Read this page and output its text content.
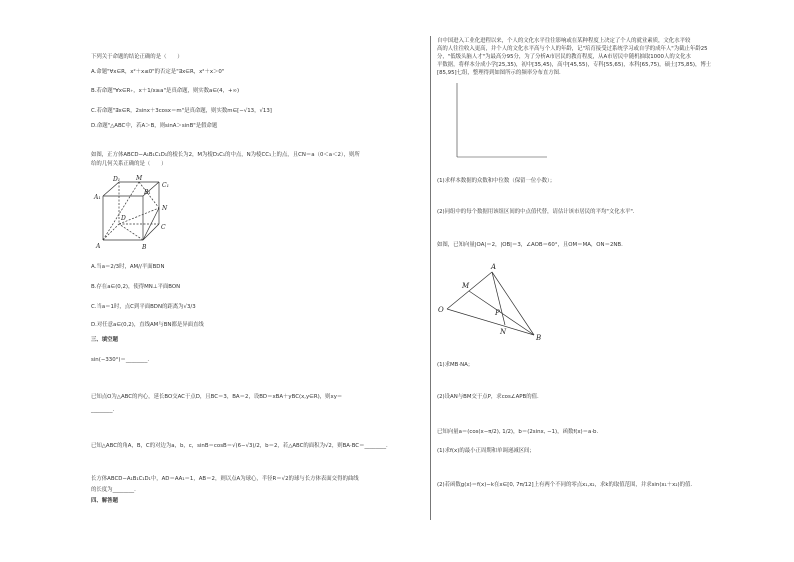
下列关于命题的结论正确的是（　　）
A.命题"∀x∈R，x²＋x≤0"的否定是"∃x∈R，x²＋x＞0"
B.若命题"∀x∈R₊，x＋1/x≥a"是真命题，则实数a∈(4，+∞)
C.若命题"∃x∈R，2sinx＋3cosx＝m"是真命题，则实数m∈[−√13，√13]
D.命题"△ABC中，若A＞B，则sinA＞sinB"是假命题
如图，正方体ABCD−A₁B₁C₁D₁的棱长为2，M为棱D₁C₁的中点，N为棱CC₁上的点，且CN＝a（0＜a＜2），则所
给的几何关系正确的是（　　）
D₁	M
C₁
A₁
B₁
N
D
C
A	B
A.当a＝2/3时，AM//平面BDN
B.存在a∈(0,2)，使得MN⊥平面BON
C.当a＝1时，点C到平面BDN的距离为√3/3
D.对任意a∈(0,2)，直线AM与BN都是异面直线
三、填空题
sin(−330°)＝________.
已知点O为△ABC的内心，延长BO交AC于点D，且BC＝3，BA＝2，设BD＝xBA＋yBC(x,y∈R)，则xy＝
________.
已知△ABC的角A，B，C的对边为a，b，c，sinB＝cosB＝√(6−√3)/2，b＝2，若△ABC的面积为√2，则BA·BC＝________.
长方体ABCD−A₁B₁C₁D₁中，AD＝AA₁＝1，AB＝2，则以点A为球心，半径R＝√2的球与长方体表面交得的曲线
的长度为________.
四、解答题
自中国进入工业化进程以来，个人的文化水平往往影响或在某种程度上决定了个人的就业素质，文化水平较
高的人往往收入更高，并个人的文化水平高与个人的年龄，记"培育接受过系统学习或自学的成年人"为截止年龄25
分，"低级头脑人才"为最高分95分，为了分析A市居民的教育程度，从A市居民中随机抽取1000人的文化水
平数据，将样本分成小学[25,35)，初中[35,45)，高中[45,55)，专科[55,65)，本科[65,75)，硕士[75,85)，博士
[85,95]七组，整理得到如图所示的频率分布直方图.
(1)求样本数据的众数和中位数（保留一位小数）；
(2)同组中的每个数据用该组区间的中点值代替，请估计该市居民的平均"文化水平".
如图，已知向量|OA|＝2，|OB|＝3，∠AOB＝60°，且OM＝MA，ON＝2NB.
A
M
O	P
N
B
(1)求MB·NA；
(2)设AN与BM交于点P，求cos∠APB的值.
已知向量a＝(cos(x−π/2), 1/2)，b＝(2sinx, −1)，函数f(x)＝a·b.
(1)求f(x)的最小正周期和单调递减区间；
(2)若函数g(x)＝f(x)−k在x∈[0, 7π/12]上有两个不同的零点x₁,x₂，求k的取值范围，并求sin(x₁＋x₂)的值.
